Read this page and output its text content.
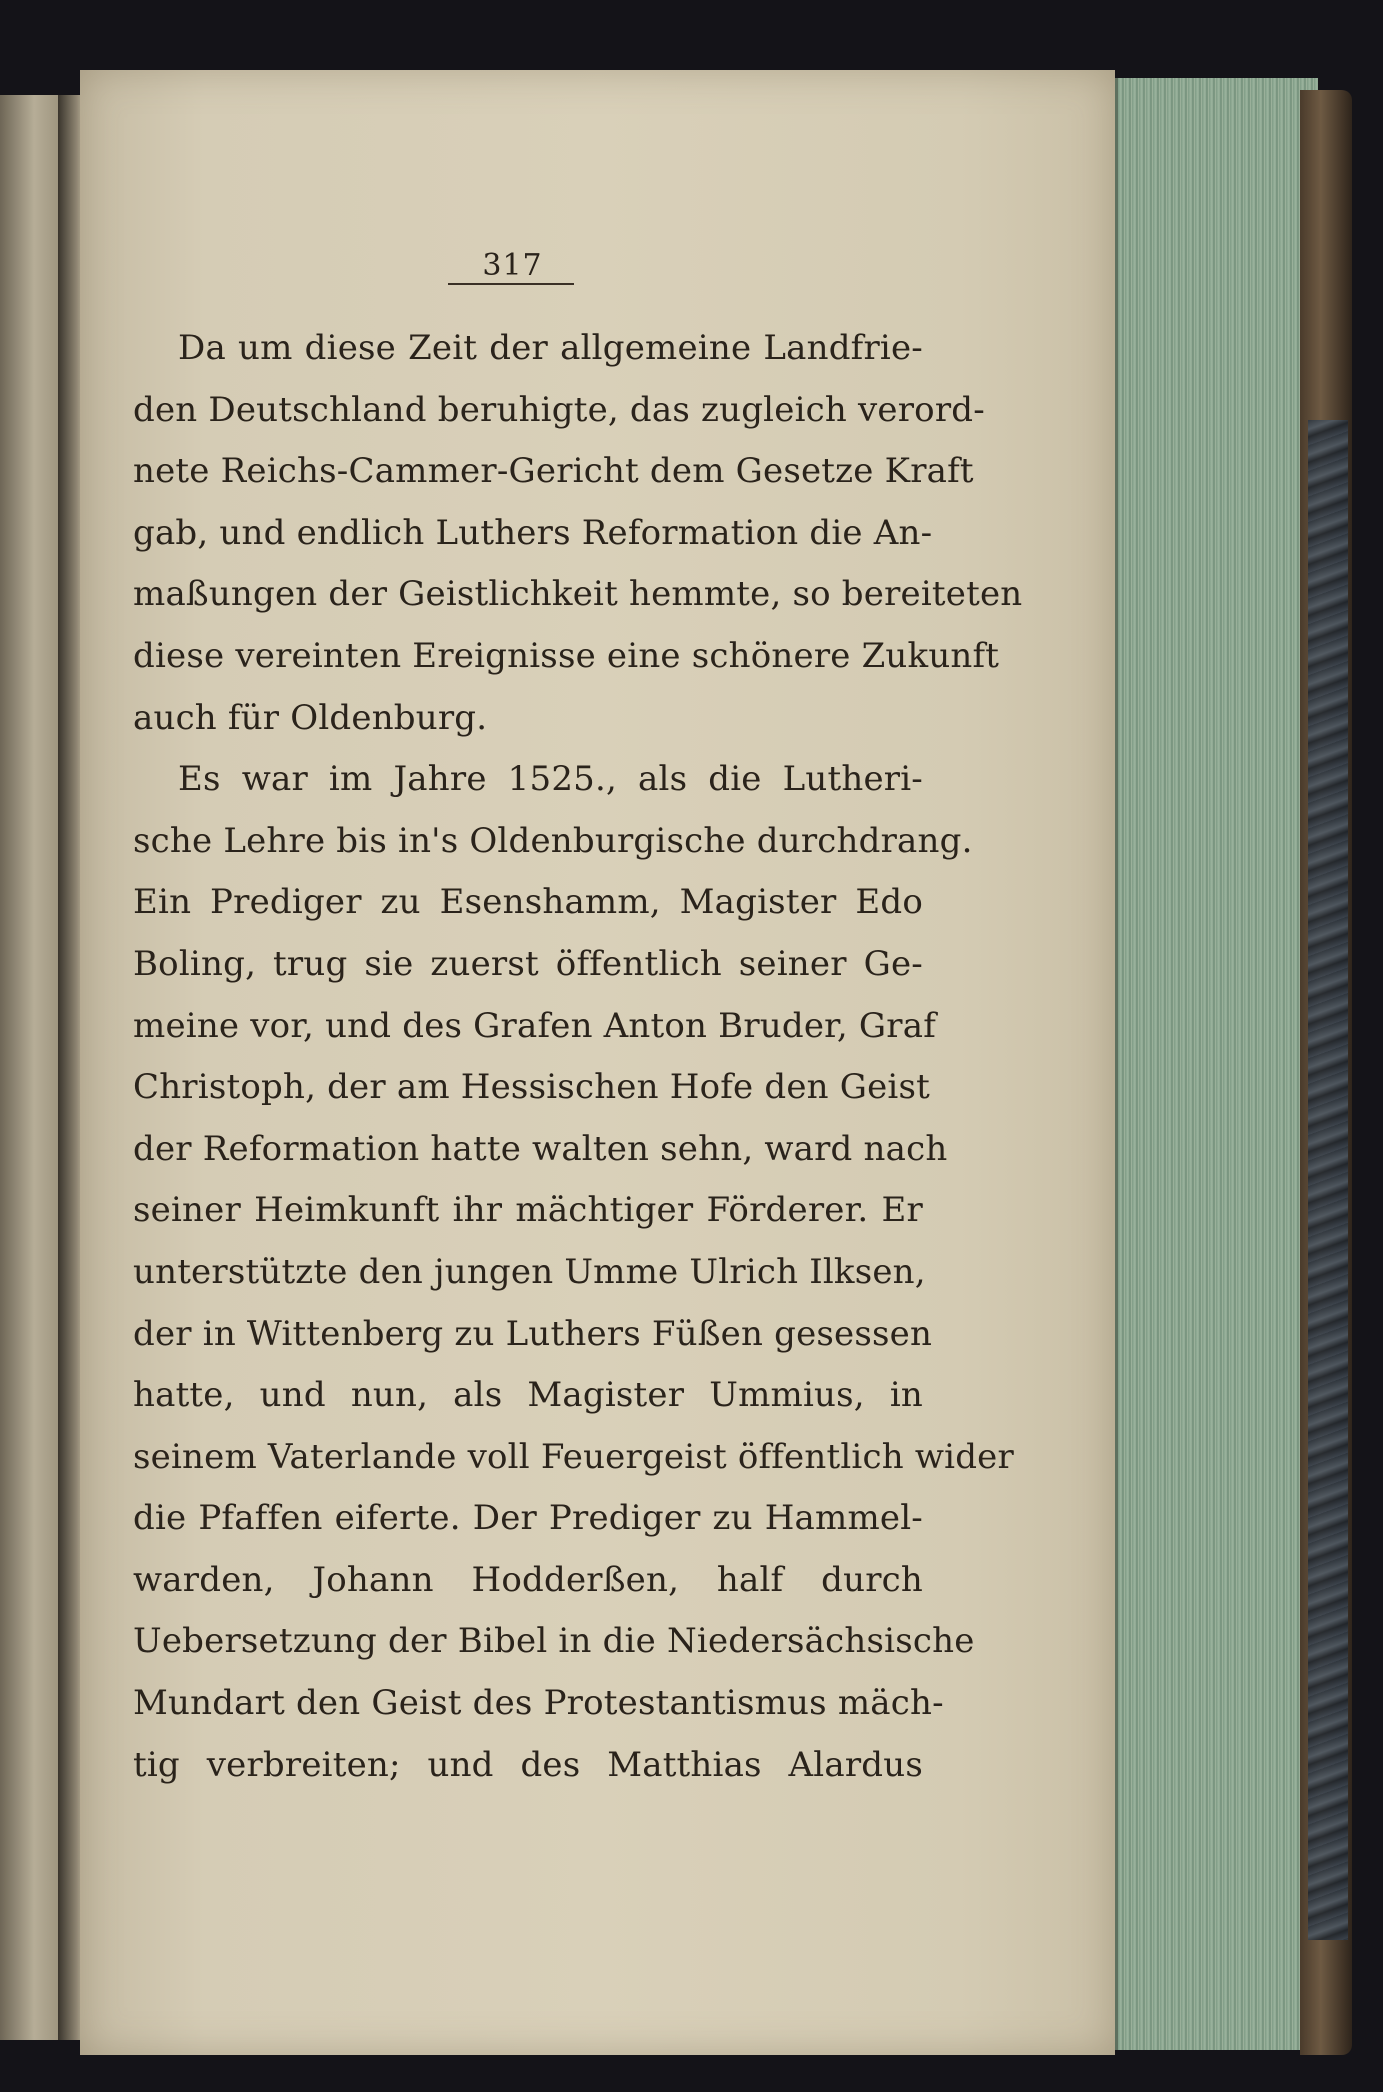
317
Da um diese Zeit der allgemeine Landfrie-
den Deutschland beruhigte, das zugleich verord-
nete Reichs-Cammer-Gericht dem Gesetze Kraft
gab, und endlich Luthers Reformation die An-
maßungen der Geistlichkeit hemmte, so bereiteten
diese vereinten Ereignisse eine schönere Zukunft
auch für Oldenburg.
Es war im Jahre 1525., als die Lutheri-
sche Lehre bis in's Oldenburgische durchdrang.
Ein Prediger zu Esenshamm, Magister Edo
Boling, trug sie zuerst öffentlich seiner Ge-
meine vor, und des Grafen Anton Bruder, Graf
Christoph, der am Hessischen Hofe den Geist
der Reformation hatte walten sehn, ward nach
seiner Heimkunft ihr mächtiger Förderer. Er
unterstützte den jungen Umme Ulrich Ilksen,
der in Wittenberg zu Luthers Füßen gesessen
hatte, und nun, als Magister Ummius, in
seinem Vaterlande voll Feuergeist öffentlich wider
die Pfaffen eiferte. Der Prediger zu Hammel-
warden, Johann Hodderßen, half durch
Uebersetzung der Bibel in die Niedersächsische
Mundart den Geist des Protestantismus mäch-
tig verbreiten; und des Matthias Alardus
